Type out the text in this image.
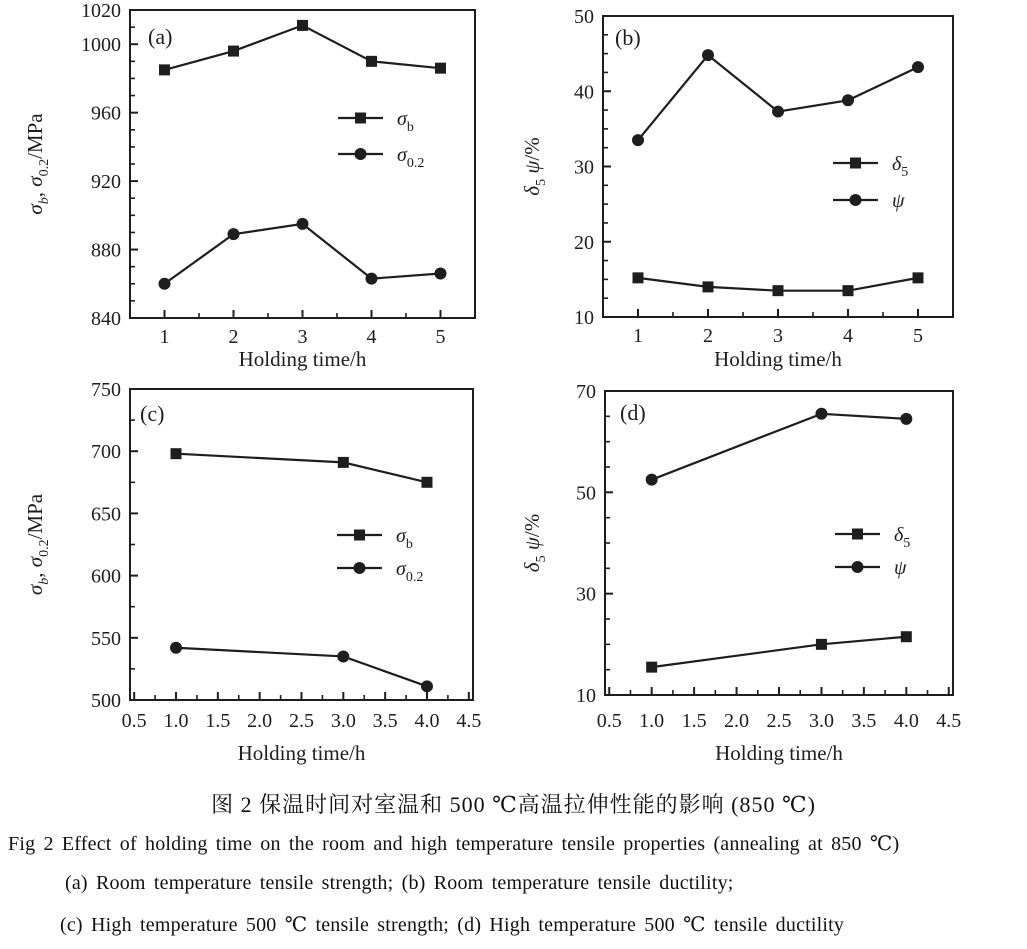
840
880
920
960
1000
1020
1	2	3	4	5
$\sigma_b$
$\sigma_{0.2}$
(a)
Holding time/h
$\sigma_b$, $\sigma_{0.2}$/MPa
10
20
30
40
50
1	2	3	4	5
$\delta_5$
ψ
(b)
Holding time/h
$\delta_5$ ψ/%
500
550
600
650
700
750
0.5 1.0 1.5 2.0 2.5 3.0 3.5 4.0 4.5
$\sigma_b$
$\sigma_{0.2}$
(c)
Holding time/h
$\sigma_b$, $\sigma_{0.2}$/MPa
10
30
50
70
0.5 1.0 1.5 2.0 2.5 3.0 3.5 4.0 4.5
$\delta_5$
ψ
(d)
Holding time/h
$\delta_5$ ψ/%
图 2 保温时间对室温和 500 ℃高温拉伸性能的影响 (850 ℃)
Fig 2 Effect of holding time on the room and high temperature tensile properties (annealing at 850 ℃)
(a) Room temperature tensile strength; (b) Room temperature tensile ductility;
(c) High temperature 500 ℃ tensile strength; (d) High temperature 500 ℃ tensile ductility
